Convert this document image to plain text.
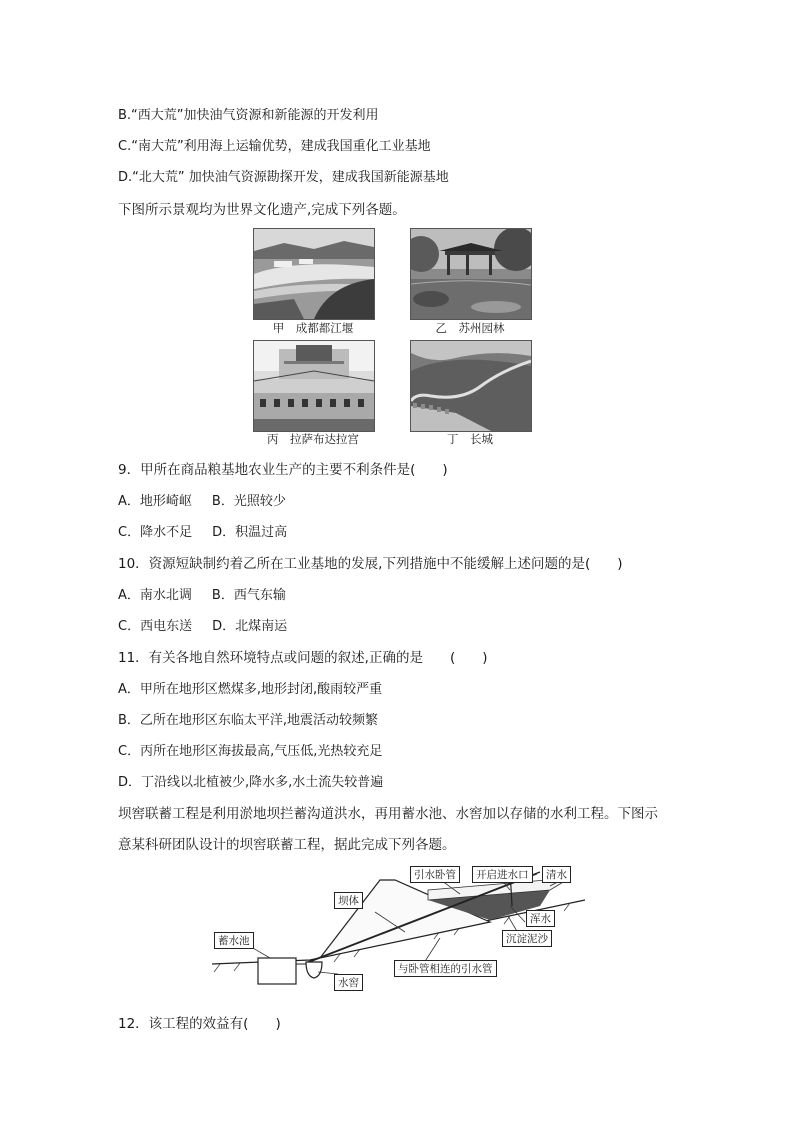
B.“西大荒”加快油气资源和新能源的开发利用
C.“南大荒”利用海上运输优势，建成我国重化工业基地
D.“北大荒” 加快油气资源勘探开发，建成我国新能源基地
下图所示景观均为世界文化遗产,完成下列各题。
甲　成都都江堰	乙　苏州园林
丙　拉萨布达拉宫	丁　长城
9．甲所在商品粮基地农业生产的主要不利条件是(　　)
A．地形崎岖 B．光照较少
C．降水不足 D．积温过高
10．资源短缺制约着乙所在工业基地的发展,下列措施中不能缓解上述问题的是(　　)
A．南水北调 B．西气东输
C．西电东送 D．北煤南运
11．有关各地自然环境特点或问题的叙述,正确的是　　(　　)
A．甲所在地形区燃煤多,地形封闭,酸雨较严重
B．乙所在地形区东临太平洋,地震活动较频繁
C．丙所在地形区海拔最高,气压低,光热较充足
D．丁沿线以北植被少,降水多,水土流失较普遍
坝窖联蓄工程是利用淤地坝拦蓄沟道洪水，再用蓄水池、水窖加以存储的水利工程。下图示
意某科研团队设计的坝窖联蓄工程，据此完成下列各题。
引水卧管	开启进水口	清水
坝体
浑水
沉淀泥沙
蓄水池
与卧管相连的引水管
水窖
12．该工程的效益有(　　)
